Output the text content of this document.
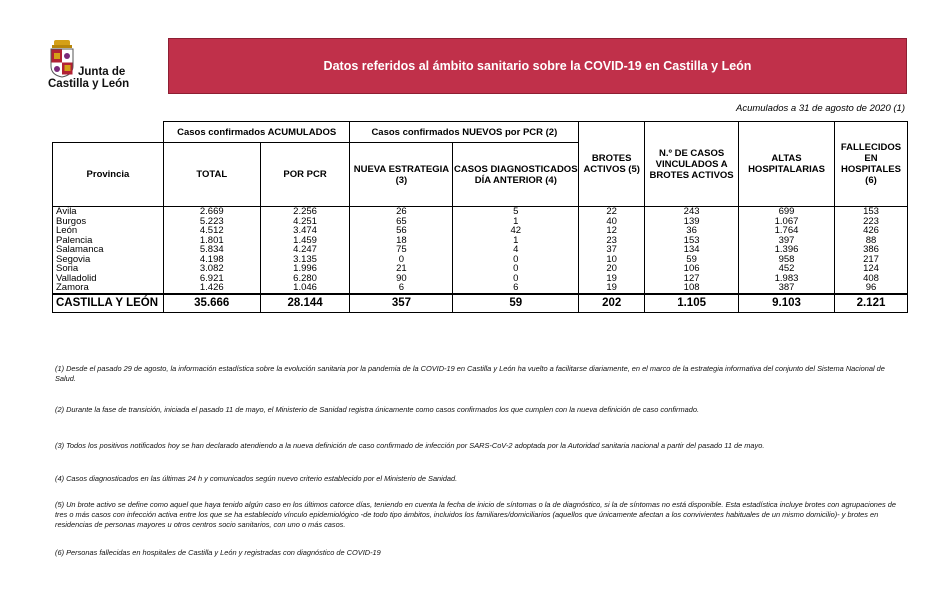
Junta de
Castilla y León
Datos referidos al ámbito sanitario sobre la COVID-19 en Castilla y León
Acumulados a 31 de agosto de 2020 (1)
	Casos confirmados ACUMULADOS		Casos confirmados NUEVOS por PCR (2)		BROTES ACTIVOS (5)	N.º DE CASOS VINCULADOS A BROTES ACTIVOS	ALTAS HOSPITALARIAS	FALLECIDOS EN HOSPITALES (6)
Provincia	TOTAL	POR PCR	NUEVA ESTRATEGIA (3)	CASOS DIAGNOSTICADOS DÍA ANTERIOR (4)				
Ávila	2.669	2.256	26	5	22	243	699	153
Burgos	5.223	4.251	65	1	40	139	1.067	223
León	4.512	3.474	56	42	12	36	1.764	426
Palencia	1.801	1.459	18	1	23	153	397	88
Salamanca	5.834	4.247	75	4	37	134	1.396	386
Segovia	4.198	3.135	0	0	10	59	958	217
Soria	3.082	1.996	21	0	20	106	452	124
Valladolid	6.921	6.280	90	0	19	127	1.983	408
Zamora	1.426	1.046	6	6	19	108	387	96
CASTILLA Y LEÓN	35.666	28.144	357	59	202	1.105	9.103	2.121
(1) Desde el pasado 29 de agosto, la información estadística sobre la evolución sanitaria por la pandemia de la COVID-19 en Castilla y León ha vuelto a facilitarse diariamente, en el marco de la estrategia informativa del conjunto del Sistema Nacional de Salud.
(2) Durante la fase de transición, iniciada el pasado 11 de mayo, el Ministerio de Sanidad registra únicamente como casos confirmados los que cumplen con la nueva definición de caso confirmado.
(3) Todos los positivos notificados hoy se han declarado atendiendo a la nueva definición de caso confirmado de infección por SARS-CoV-2 adoptada por la Autoridad sanitaria nacional a partir del pasado 11 de mayo.
(4) Casos diagnosticados en las últimas 24 h y comunicados según nuevo criterio establecido por el Ministerio de Sanidad.
(5) Un brote activo se define como aquel que haya tenido algún caso en los últimos catorce días, teniendo en cuenta la fecha de inicio de síntomas o la de diagnóstico, si la de síntomas no está disponible. Esta estadística incluye brotes con agrupaciones de tres o más casos con infección activa entre los que se ha establecido vínculo epidemiológico -de todo tipo ámbitos, incluidos los familiares/domiciliarios (aquellos que únicamente afectan a los convivientes habituales de un mismo domicilio)- y brotes en residencias de personas mayores u otros centros socio sanitarios, con uno o más casos.
(6) Personas fallecidas en hospitales de Castilla y León y registradas con diagnóstico de COVID-19
